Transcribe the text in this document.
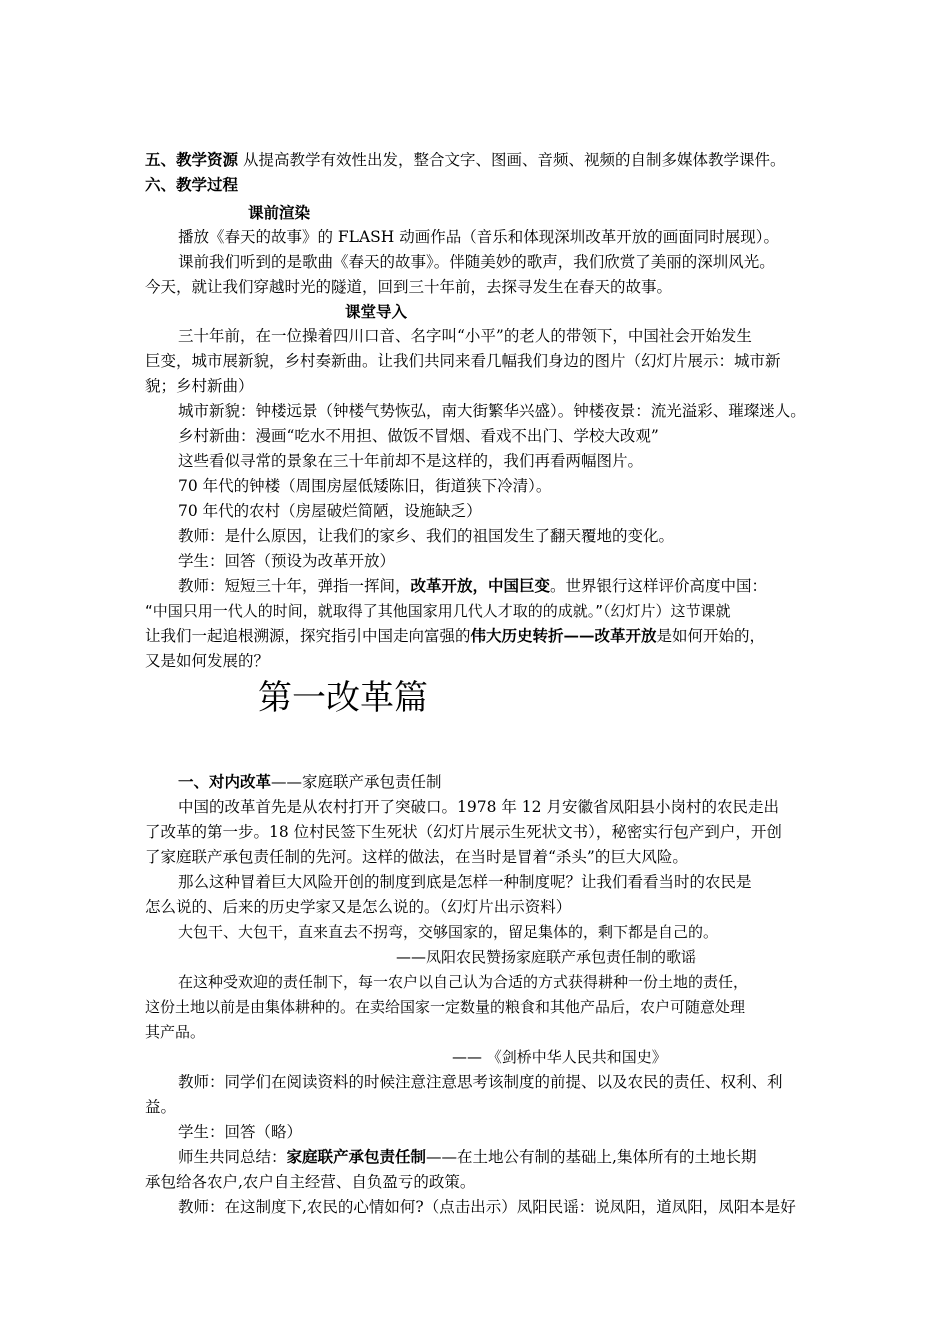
五、教学资源 从提高教学有效性出发，整合文字、图画、音频、视频的自制多媒体教学课件。
六、教学过程
课前渲染
播放《春天的故事》的 FLASH 动画作品（音乐和体现深圳改革开放的画面同时展现）。
课前我们听到的是歌曲《春天的故事》。伴随美妙的歌声，我们欣赏了美丽的深圳风光。
今天，就让我们穿越时光的隧道，回到三十年前，去探寻发生在春天的故事。
课堂导入
三十年前，在一位操着四川口音、名字叫“小平”的老人的带领下，中国社会开始发生
巨变，城市展新貌，乡村奏新曲。让我们共同来看几幅我们身边的图片（幻灯片展示：城市新
貌；乡村新曲）
城市新貌：钟楼远景（钟楼气势恢弘，南大街繁华兴盛）。钟楼夜景：流光溢彩、璀璨迷人。
乡村新曲：漫画“吃水不用担、做饭不冒烟、看戏不出门、学校大改观”
这些看似寻常的景象在三十年前却不是这样的，我们再看两幅图片。
70 年代的钟楼（周围房屋低矮陈旧，街道狭下冷清）。
70 年代的农村（房屋破烂简陋，设施缺乏）
教师：是什么原因，让我们的家乡、我们的祖国发生了翻天覆地的变化。
学生：回答（预设为改革开放）
教师：短短三十年，弹指一挥间，改革开放，中国巨变。世界银行这样评价高度中国：
“中国只用一代人的时间，就取得了其他国家用几代人才取的的成就。”（幻灯片）这节课就
让我们一起追根溯源，探究指引中国走向富强的伟大历史转折——改革开放是如何开始的，
又是如何发展的？
第一改革篇
一、对内改革——家庭联产承包责任制
中国的改革首先是从农村打开了突破口。1978 年 12 月安徽省凤阳县小岗村的农民走出
了改革的第一步。18 位村民签下生死状（幻灯片展示生死状文书），秘密实行包产到户，开创
了家庭联产承包责任制的先河。这样的做法，在当时是冒着“杀头”的巨大风险。
那么这种冒着巨大风险开创的制度到底是怎样一种制度呢？让我们看看当时的农民是
怎么说的、后来的历史学家又是怎么说的。（幻灯片出示资料）
大包干、大包干，直来直去不拐弯，交够国家的，留足集体的，剩下都是自己的。
——凤阳农民赞扬家庭联产承包责任制的歌谣
在这种受欢迎的责任制下，每一农户以自己认为合适的方式获得耕种一份土地的责任，
这份土地以前是由集体耕种的。在卖给国家一定数量的粮食和其他产品后，农户可随意处理
其产品。
—— 《剑桥中华人民共和国史》
教师：同学们在阅读资料的时候注意注意思考该制度的前提、以及农民的责任、权利、利
益。
学生：回答（略）
师生共同总结：家庭联产承包责任制——在土地公有制的基础上,集体所有的土地长期
承包给各农户,农户自主经营、自负盈亏的政策。
教师：在这制度下,农民的心情如何?（点击出示）凤阳民谣：说凤阳，道凤阳，凤阳本是好
